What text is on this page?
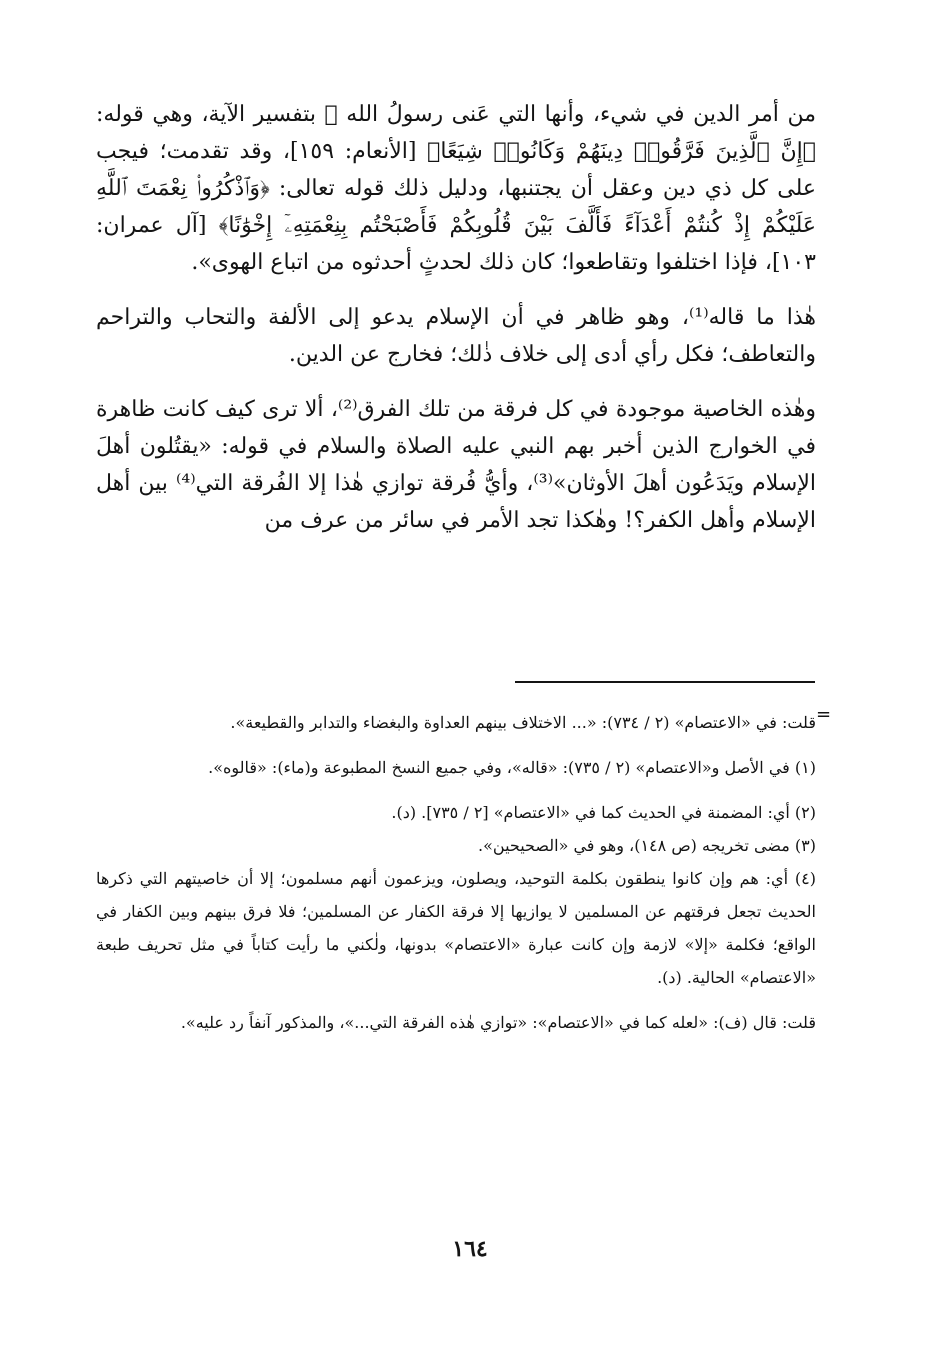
من أمر الدين في شيء، وأنها التي عَنى رسولُ الله ﷺ بتفسير الآية، وهي قوله: ﴿إِنَّ ٱلَّذِينَ فَرَّقُوا۟ دِينَهُمْ وَكَانُوا۟ شِيَعًا﴾ [الأنعام: ١٥٩]، وقد تقدمت؛ فيجب على كل ذي دين وعقل أن يجتنبها، ودليل ذلك قوله تعالى: ﴿وَٱذْكُرُوا۟ نِعْمَتَ ٱللَّهِ عَلَيْكُمْ إِذْ كُنتُمْ أَعْدَآءً فَأَلَّفَ بَيْنَ قُلُوبِكُمْ فَأَصْبَحْتُم بِنِعْمَتِهِۦٓ إِخْوَٰنًا﴾ [آل عمران: ١٠٣]، فإذا اختلفوا وتقاطعوا؛ كان ذلك لحدثٍ أحدثوه من اتباع الهوى».

هٰذا ما قاله⁽¹⁾، وهو ظاهر في أن الإسلام يدعو إلى الألفة والتحاب والتراحم والتعاطف؛ فكل رأي أدى إلى خلاف ذٰلك؛ فخارج عن الدين.

وهٰذه الخاصية موجودة في كل فرقة من تلك الفرق⁽²⁾، ألا ترى كيف كانت ظاهرة في الخوارج الذين أخبر بهم النبي عليه الصلاة والسلام في قوله: «يقتُلون أهلَ الإسلام ويَدَعُون أهلَ الأوثان»⁽³⁾، وأيُّ فُرقة توازي هٰذا إلا الفُرقة التي⁽⁴⁾ بين أهل الإسلام وأهل الكفر؟! وهٰكذا تجد الأمر في سائر من عرف من

=

قلت: في «الاعتصام» (٢ / ٧٣٤): «... الاختلاف بينهم العداوة والبغضاء والتدابر والقطيعة».

(١) في الأصل و«الاعتصام» (٢ / ٧٣٥): «قاله»، وفي جميع النسخ المطبوعة و(ماء): «قالوه».

(٢) أي: المضمنة في الحديث كما في «الاعتصام» [٢ / ٧٣٥]. (د).

(٣) مضى تخريجه (ص ١٤٨)، وهو في «الصحيحين».

(٤) أي: هم وإن كانوا ينطقون بكلمة التوحيد، ويصلون، ويزعمون أنهم مسلمون؛ إلا أن خاصيتهم التي ذكرها الحديث تجعل فرقتهم عن المسلمين لا يوازيها إلا فرقة الكفار عن المسلمين؛ فلا فرق بينهم وبين الكفار في الواقع؛ فكلمة «إلا» لازمة وإن كانت عبارة «الاعتصام» بدونها، ولٰكني ما رأيت كتاباً في مثل تحريف طبعة «الاعتصام» الحالية. (د).

قلت: قال (ف): «لعله كما في «الاعتصام»: «توازي هٰذه الفرقة التي...»، والمذكور آنفاً رد عليه».

١٦٤
